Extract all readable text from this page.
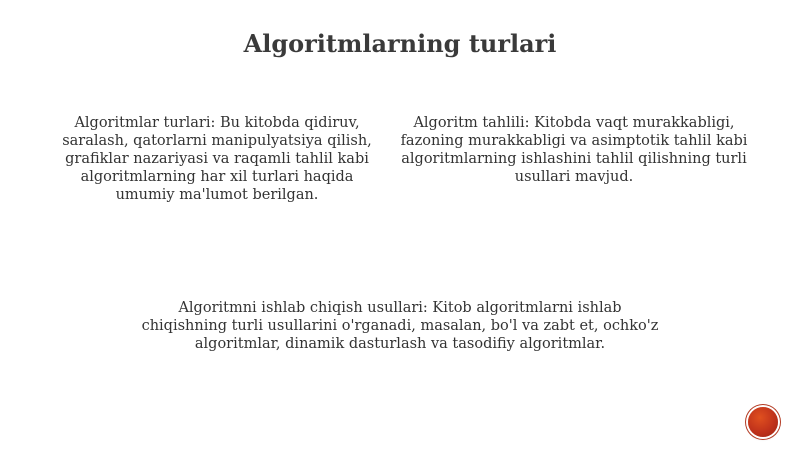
Algoritmlarning turlari
Algoritmlar turlari: Bu kitobda qidiruv, saralash, qatorlarni manipulyatsiya qilish, grafiklar nazariyasi va raqamli tahlil kabi algoritmlarning har xil turlari haqida umumiy ma'lumot berilgan.
Algoritm tahlili: Kitobda vaqt murakkabligi, fazoning murakkabligi va asimptotik tahlil kabi algoritmlarning ishlashini tahlil qilishning turli usullari mavjud.
Algoritmni ishlab chiqish usullari: Kitob algoritmlarni ishlab chiqishning turli usullarini o'rganadi, masalan, bo'l va zabt et, ochko'z algoritmlar, dinamik dasturlash va tasodifiy algoritmlar.
